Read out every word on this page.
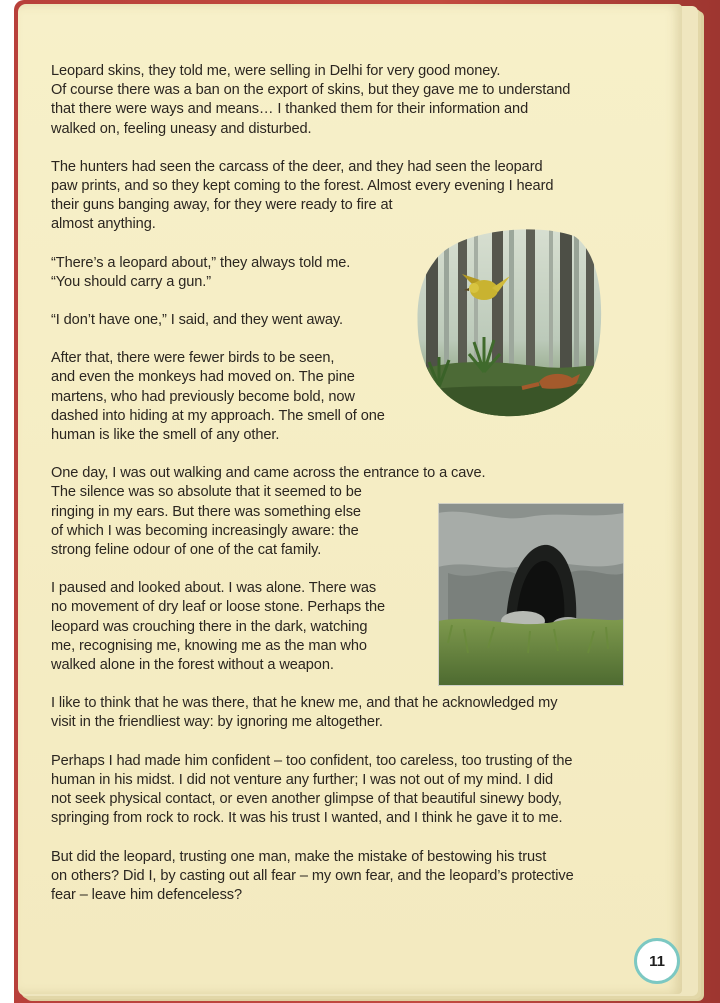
Leopard skins, they told me, were selling in Delhi for very good money.
Of course there was a ban on the export of skins, but they gave me to understand
that there were ways and means… I thanked them for their information and
walked on, feeling uneasy and disturbed.

The hunters had seen the carcass of the deer, and they had seen the leopard
paw prints, and so they kept coming to the forest. Almost every evening I heard
their guns banging away, for they were ready to fire at
almost anything.

“There’s a leopard about,” they always told me.
“You should carry a gun.”

“I don’t have one,” I said, and they went away.

After that, there were fewer birds to be seen,
and even the monkeys had moved on. The pine
martens, who had previously become bold, now
dashed into hiding at my approach. The smell of one
human is like the smell of any other.

One day, I was out walking and came across the entrance to a cave.
The silence was so absolute that it seemed to be
ringing in my ears. But there was something else
of which I was becoming increasingly aware: the
strong feline odour of one of the cat family.

I paused and looked about. I was alone. There was
no movement of dry leaf or loose stone. Perhaps the
leopard was crouching there in the dark, watching
me, recognising me, knowing me as the man who
walked alone in the forest without a weapon.

I like to think that he was there, that he knew me, and that he acknowledged my
visit in the friendliest way: by ignoring me altogether.

Perhaps I had made him confident – too confident, too careless, too trusting of the
human in his midst. I did not venture any further; I was not out of my mind. I did
not seek physical contact, or even another glimpse of that beautiful sinewy body,
springing from rock to rock. It was his trust I wanted, and I think he gave it to me.

But did the leopard, trusting one man, make the mistake of bestowing his trust
on others? Did I, by casting out all fear – my own fear, and the leopard’s protective
fear – leave him defenceless?

11
